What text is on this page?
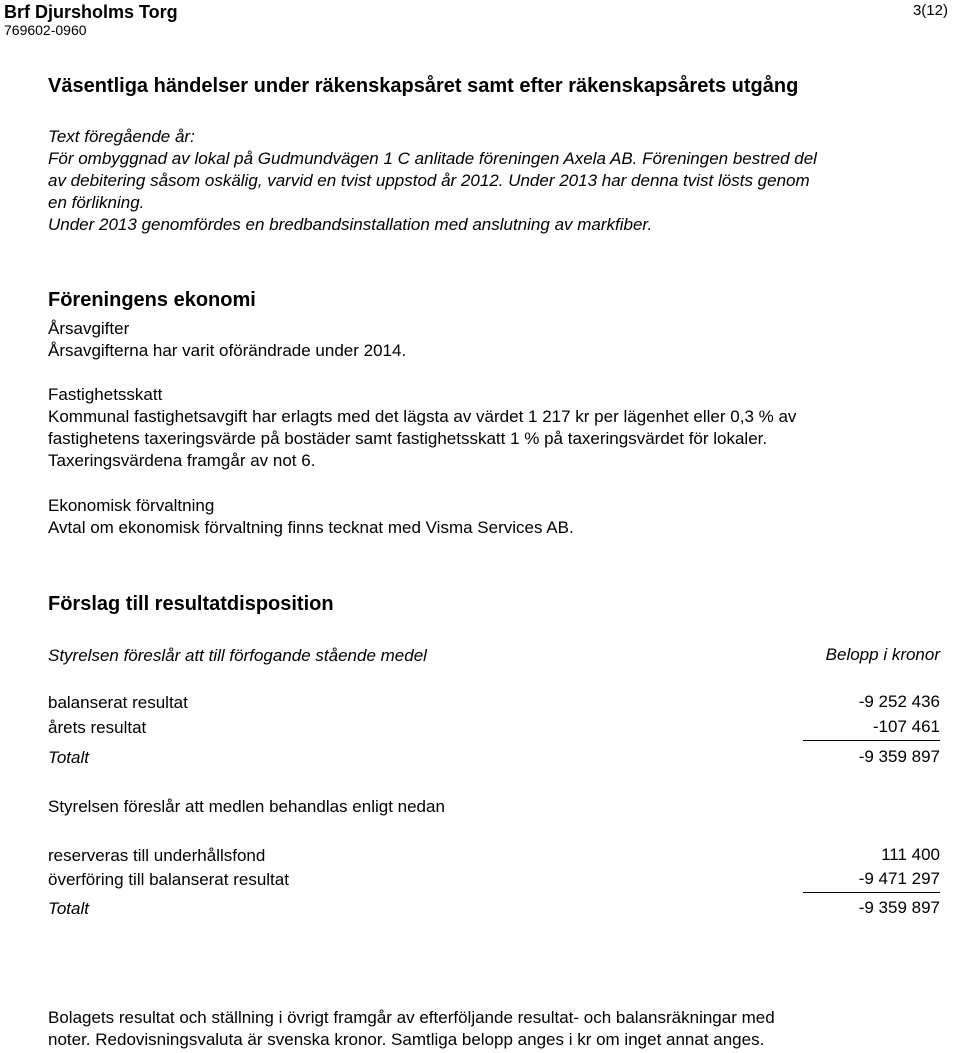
Brf Djursholms Torg
769602-0960
3(12)
Väsentliga händelser under räkenskapsåret samt efter räkenskapsårets utgång
Text föregående år:
För ombyggnad av lokal på Gudmundvägen 1 C anlitade föreningen Axela AB. Föreningen bestred del
av debitering såsom oskälig, varvid en tvist uppstod år 2012. Under 2013 har denna tvist lösts genom
en förlikning.
Under 2013 genomfördes en bredbandsinstallation med anslutning av markfiber.
Föreningens ekonomi
Årsavgifter
Årsavgifterna har varit oförändrade under 2014.
Fastighetsskatt
Kommunal fastighetsavgift har erlagts med det lägsta av värdet 1 217 kr per lägenhet eller 0,3 % av
fastighetens taxeringsvärde på bostäder samt fastighetsskatt 1 % på taxeringsvärdet för lokaler.
Taxeringsvärdena framgår av not 6.
Ekonomisk förvaltning
Avtal om ekonomisk förvaltning finns tecknat med Visma Services AB.
Förslag till resultatdisposition
Styrelsen föreslår att till förfogande stående medel	Belopp i kronor
balanserat resultat	-9 252 436
årets resultat	-107 461
Totalt	-9 359 897
Styrelsen föreslår att medlen behandlas enligt nedan
reserveras till underhållsfond	111 400
överföring till balanserat resultat	-9 471 297
Totalt	-9 359 897
Bolagets resultat och ställning i övrigt framgår av efterföljande resultat- och balansräkningar med
noter. Redovisningsvaluta är svenska kronor. Samtliga belopp anges i kr om inget annat anges.
